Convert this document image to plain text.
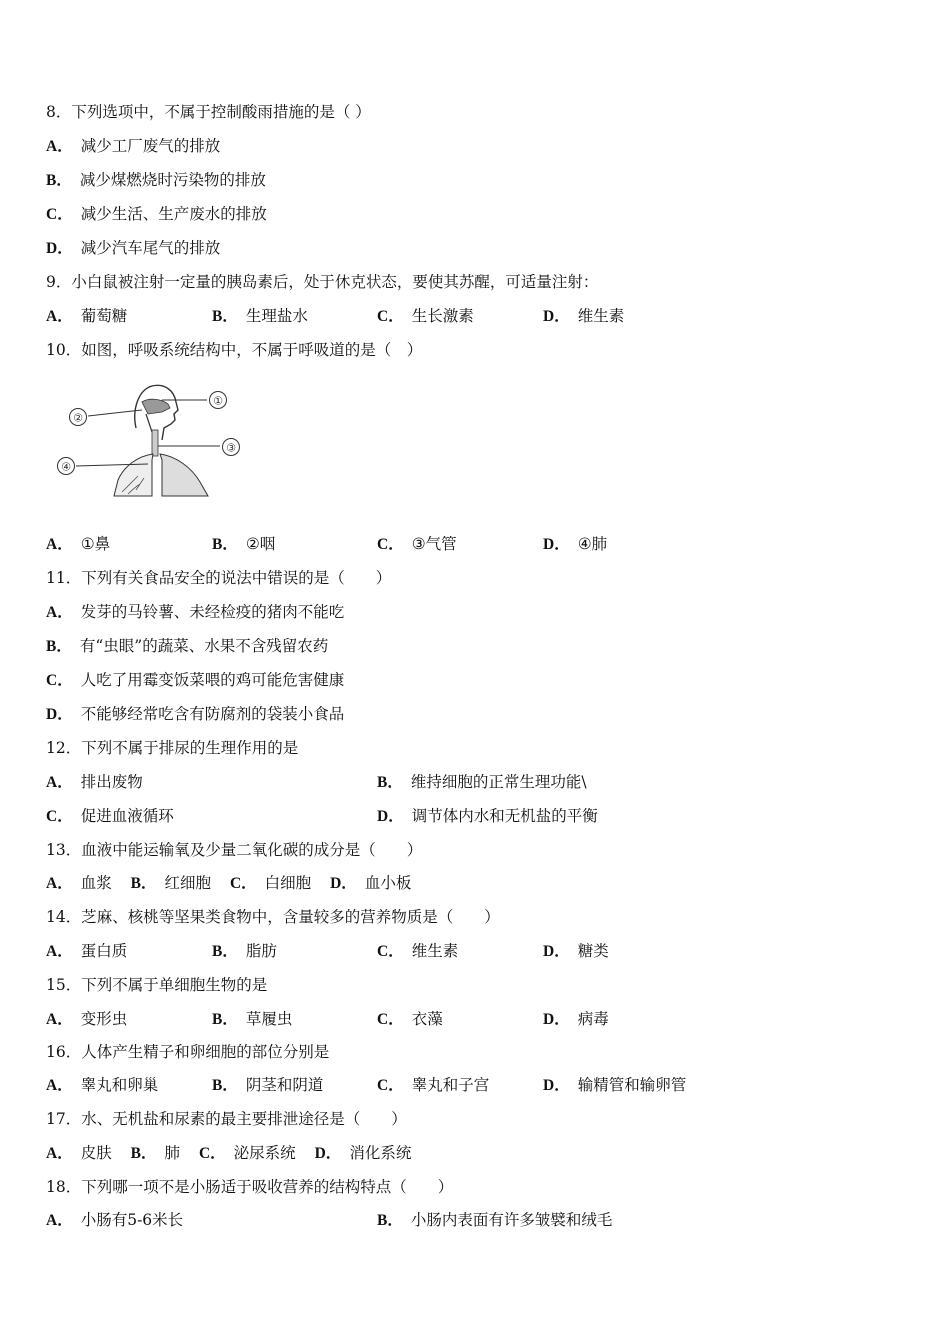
8．下列选项中，不属于控制酸雨措施的是（ ）
A． 减少工厂废气的排放
B． 减少煤燃烧时污染物的排放
C． 减少生活、生产废水的排放
D． 减少汽车尾气的排放
9．小白鼠被注射一定量的胰岛素后，处于休克状态，要使其苏醒，可适量注射：
A． 葡萄糖	B． 生理盐水	C． 生长激素	D． 维生素
10．如图，呼吸系统结构中，不属于呼吸道的是（　）
①
②
③
④
A． ①鼻	B． ②咽	C． ③气管	D． ④肺
11．下列有关食品安全的说法中错误的是（　　）
A． 发芽的马铃薯、未经检疫的猪肉不能吃
B． 有“虫眼”的蔬菜、水果不含残留农药
C． 人吃了用霉变饭菜喂的鸡可能危害健康
D． 不能够经常吃含有防腐剂的袋装小食品
12．下列不属于排尿的生理作用的是
A． 排出废物	B． 维持细胞的正常生理功能\
C． 促进血液循环	D． 调节体内水和无机盐的平衡
13．血液中能运输氧及少量二氧化碳的成分是（　　）
A． 血浆 B． 红细胞 C． 白细胞 D． 血小板
14．芝麻、核桃等坚果类食物中，含量较多的营养物质是（　　）
A． 蛋白质	B． 脂肪	C． 维生素	D． 糖类
15．下列不属于单细胞生物的是
A． 变形虫	B． 草履虫	C． 衣藻	D． 病毒
16．人体产生精子和卵细胞的部位分别是
A． 睾丸和卵巢	B． 阴茎和阴道	C． 睾丸和子宫	D． 输精管和输卵管
17．水、无机盐和尿素的最主要排泄途径是（　　）
A． 皮肤 B． 肺 C． 泌尿系统 D． 消化系统
18．下列哪一项不是小肠适于吸收营养的结构特点（　　）
A． 小肠有5-6米长	B． 小肠内表面有许多皱襞和绒毛
